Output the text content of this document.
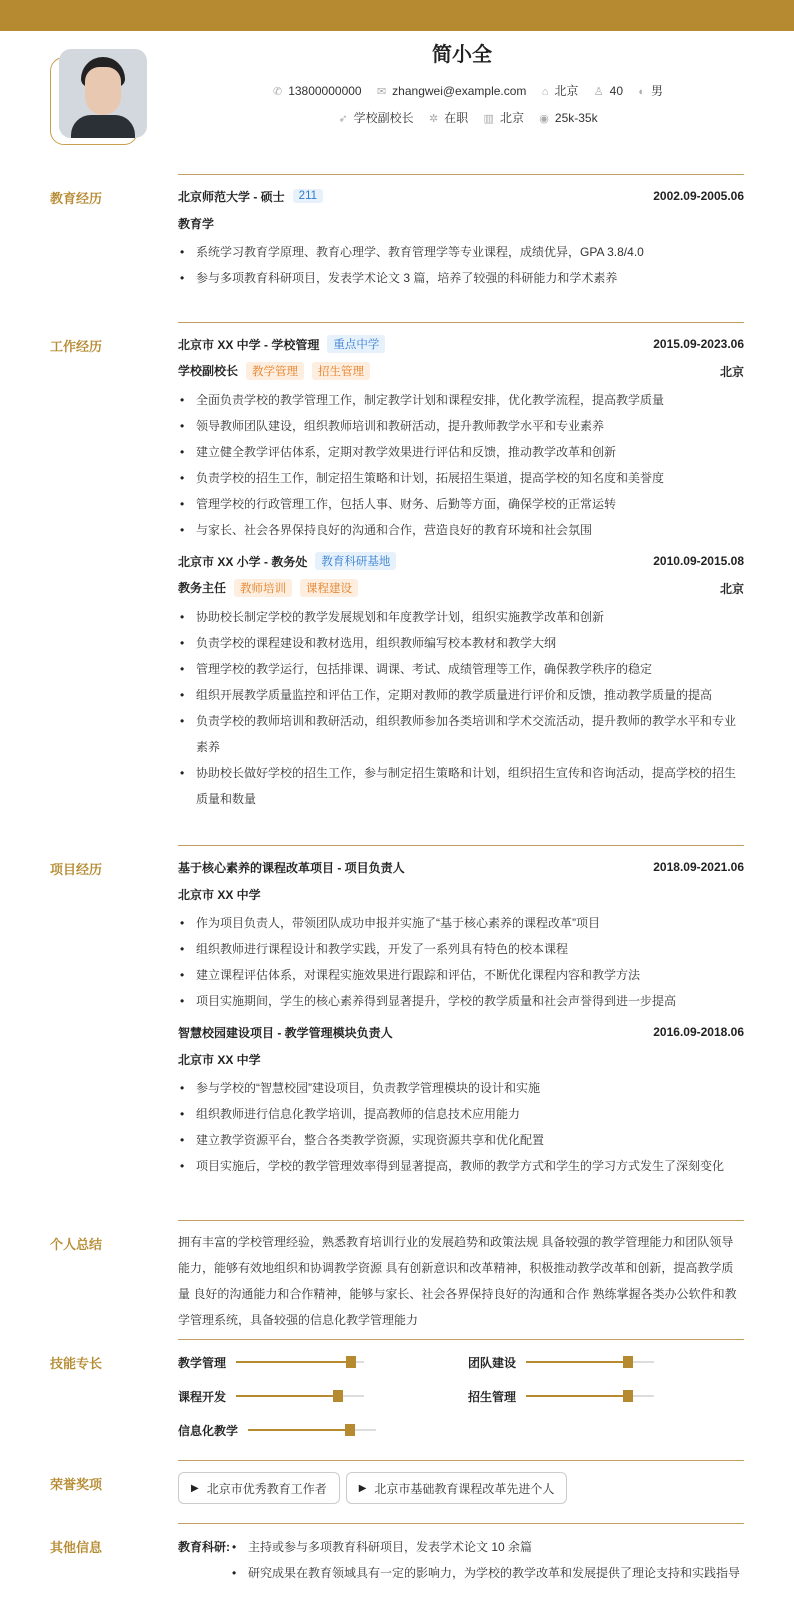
简小全
✆ 13800000000 ✉ zhangwei@example.com ⌂ 北京 ♙ 40 ◐ 男
➶ 学校副校长 ✲ 在职 ▥ 北京 ◉ 25k-35k
教育经历	北京师范大学 - 硕士	211	2002.09-2005.06
教育学
• 系统学习教育学原理、教育心理学、教育管理学等专业课程，成绩优异，GPA 3.8/4.0
• 参与多项教育科研项目，发表学术论文 3 篇，培养了较强的科研能力和学术素养
工作经历	北京市 XX 中学 - 学校管理	重点中学	2015.09-2023.06
学校副校长	教学管理	招生管理	北京
• 全面负责学校的教学管理工作，制定教学计划和课程安排，优化教学流程，提高教学质量
• 领导教师团队建设，组织教师培训和教研活动，提升教师教学水平和专业素养
• 建立健全教学评估体系，定期对教学效果进行评估和反馈，推动教学改革和创新
• 负责学校的招生工作，制定招生策略和计划，拓展招生渠道，提高学校的知名度和美誉度
• 管理学校的行政管理工作，包括人事、财务、后勤等方面，确保学校的正常运转
• 与家长、社会各界保持良好的沟通和合作，营造良好的教育环境和社会氛围
北京市 XX 小学 - 教务处	教育科研基地	2010.09-2015.08
教务主任	教师培训	课程建设	北京
• 协助校长制定学校的教学发展规划和年度教学计划，组织实施教学改革和创新
• 负责学校的课程建设和教材选用，组织教师编写校本教材和教学大纲
• 管理学校的教学运行，包括排课、调课、考试、成绩管理等工作，确保教学秩序的稳定
• 组织开展教学质量监控和评估工作，定期对教师的教学质量进行评价和反馈，推动教学质量的提高
• 负责学校的教师培训和教研活动，组织教师参加各类培训和学术交流活动，提升教师的教学水平和专业素养
• 协助校长做好学校的招生工作，参与制定招生策略和计划，组织招生宣传和咨询活动，提高学校的招生质量和数量
项目经历	基于核心素养的课程改革项目 - 项目负责人	2018.09-2021.06
北京市 XX 中学
• 作为项目负责人，带领团队成功申报并实施了“基于核心素养的课程改革”项目
• 组织教师进行课程设计和教学实践，开发了一系列具有特色的校本课程
• 建立课程评估体系，对课程实施效果进行跟踪和评估，不断优化课程内容和教学方法
• 项目实施期间，学生的核心素养得到显著提升，学校的教学质量和社会声誉得到进一步提高
智慧校园建设项目 - 教学管理模块负责人	2016.09-2018.06
北京市 XX 中学
• 参与学校的“智慧校园”建设项目，负责教学管理模块的设计和实施
• 组织教师进行信息化教学培训，提高教师的信息技术应用能力
• 建立教学资源平台，整合各类教学资源，实现资源共享和优化配置
• 项目实施后，学校的教学管理效率得到显著提高，教师的教学方式和学生的学习方式发生了深刻变化
个人总结	拥有丰富的学校管理经验，熟悉教育培训行业的发展趋势和政策法规 具备较强的教学管理能力和团队领导能力，能够有效地组织和协调教学资源 具有创新意识和改革精神，积极推动教学改革和创新，提高教学质量 良好的沟通能力和合作精神，能够与家长、社会各界保持良好的沟通和合作 熟练掌握各类办公软件和教学管理系统，具备较强的信息化教学管理能力
技能专长	教学管理	团队建设
课程开发	招生管理
信息化教学
荣誉奖项	▶ 北京市优秀教育工作者	▶ 北京市基础教育课程改革先进个人
其他信息	教育科研:	• 主持或参与多项教育科研项目，发表学术论文 10 余篇
• 研究成果在教育领域具有一定的影响力，为学校的教学改革和发展提供了理论支持和实践指导
